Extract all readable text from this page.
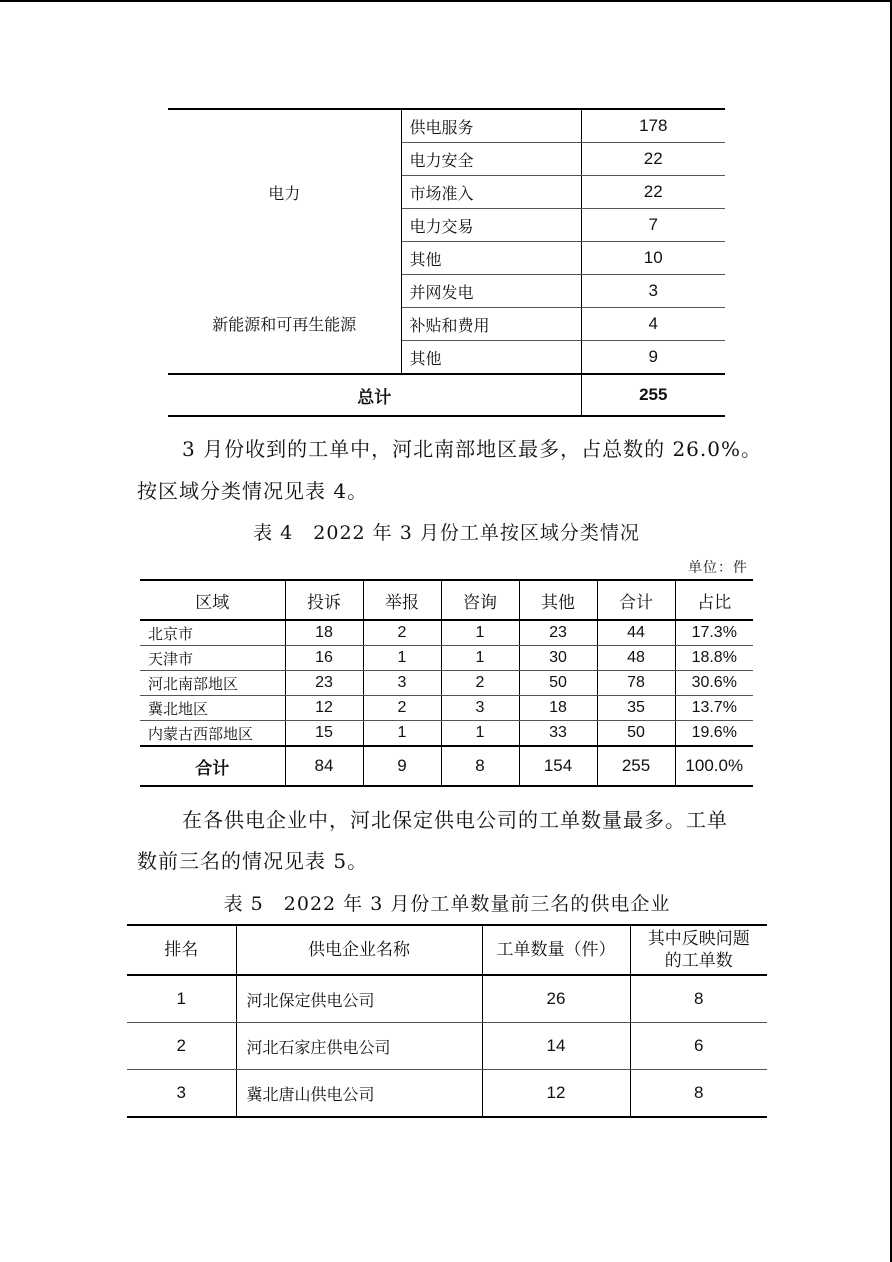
电力	供电服务	178
	电力安全	22
	市场准入	22
	电力交易	7
	其他	10
新能源和可再生能源	并网发电	3
	补贴和费用	4
	其他	9
总计		255

3 月份收到的工单中，河北南部地区最多，占总数的 26.0%。

按区域分类情况见表 4。

表 4　2022 年 3 月份工单按区域分类情况

单位：件
区域	投诉	举报	咨询	其他	合计	占比
北京市	18	2	1	23	44	17.3%
天津市	16	1	1	30	48	18.8%
河北南部地区	23	3	2	50	78	30.6%
冀北地区	12	2	3	18	35	13.7%
内蒙古西部地区	15	1	1	33	50	19.6%
合计	84	9	8	154	255	100.0%

在各供电企业中，河北保定供电公司的工单数量最多。工单

数前三名的情况见表 5。

表 5　2022 年 3 月份工单数量前三名的供电企业

排名	供电企业名称	工单数量（件）	其中反映问题
的工单数

1	河北保定供电公司	26	8
2	河北石家庄供电公司	14	6
3	冀北唐山供电公司	12	8
